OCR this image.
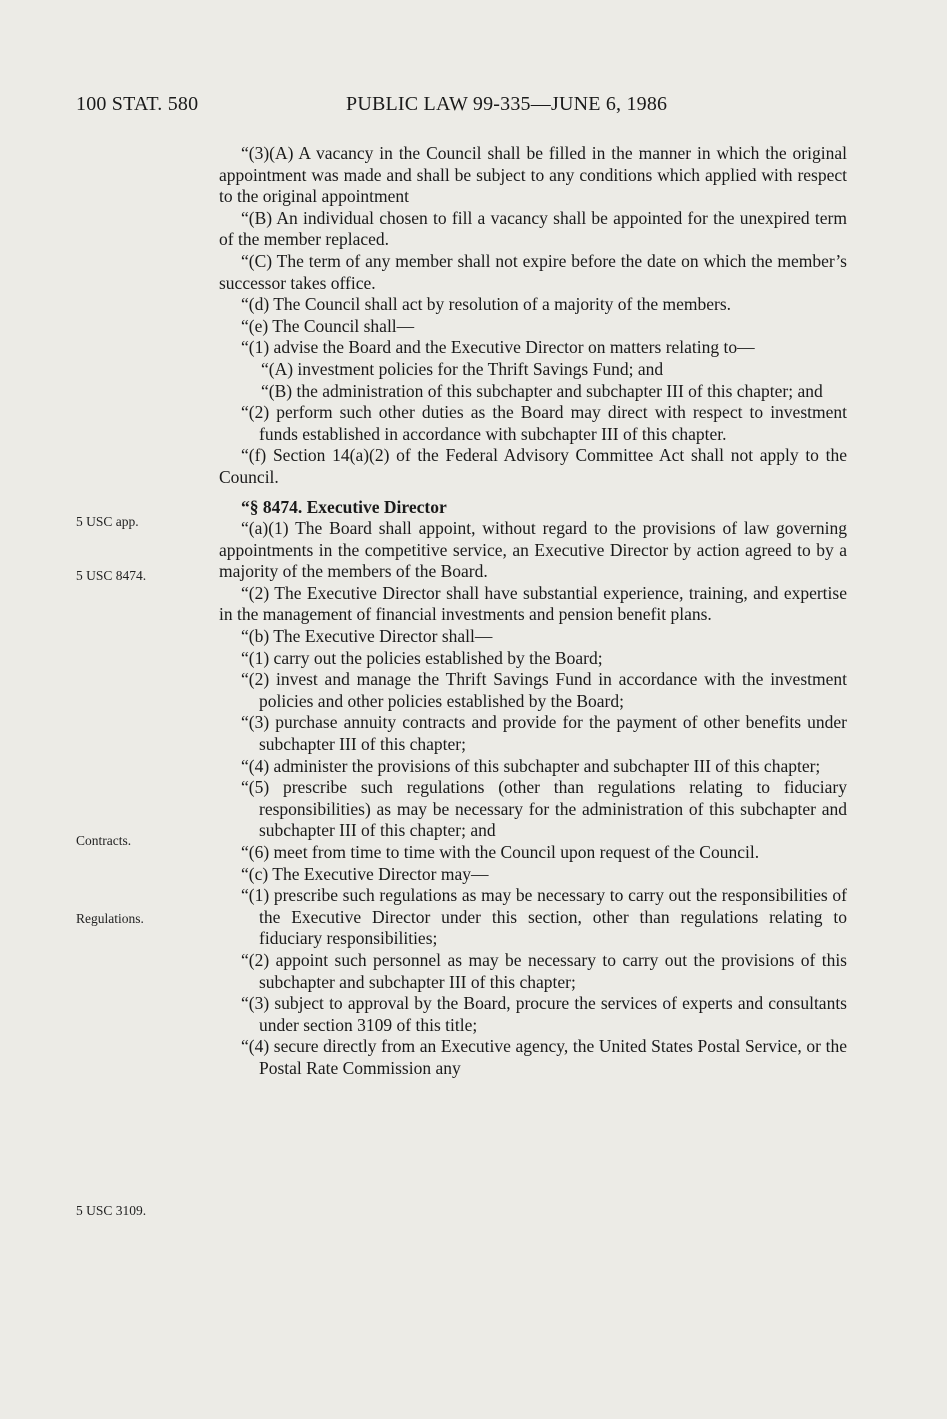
100 STAT. 580	PUBLIC LAW 99-335—JUNE 6, 1986
5 USC app.
5 USC 8474.
Contracts.
Regulations.
5 USC 3109.

“(3)(A) A vacancy in the Council shall be filled in the manner in which the original appointment was made and shall be subject to any conditions which applied with respect to the original appointment

“(B) An individual chosen to fill a vacancy shall be appointed for the unexpired term of the member replaced.

“(C) The term of any member shall not expire before the date on which the member’s successor takes office.

“(d) The Council shall act by resolution of a majority of the members.

“(e) The Council shall—

“(1) advise the Board and the Executive Director on matters relating to—

“(A) investment policies for the Thrift Savings Fund; and

“(B) the administration of this subchapter and subchapter III of this chapter; and

“(2) perform such other duties as the Board may direct with respect to investment funds established in accordance with subchapter III of this chapter.

“(f) Section 14(a)(2) of the Federal Advisory Committee Act shall not apply to the Council.

“§ 8474. Executive Director

“(a)(1) The Board shall appoint, without regard to the provisions of law governing appointments in the competitive service, an Executive Director by action agreed to by a majority of the members of the Board.

“(2) The Executive Director shall have substantial experience, training, and expertise in the management of financial investments and pension benefit plans.

“(b) The Executive Director shall—

“(1) carry out the policies established by the Board;

“(2) invest and manage the Thrift Savings Fund in accordance with the investment policies and other policies established by the Board;

“(3) purchase annuity contracts and provide for the payment of other benefits under subchapter III of this chapter;

“(4) administer the provisions of this subchapter and subchapter III of this chapter;

“(5) prescribe such regulations (other than regulations relating to fiduciary responsibilities) as may be necessary for the administration of this subchapter and subchapter III of this chapter; and

“(6) meet from time to time with the Council upon request of the Council.

“(c) The Executive Director may—

“(1) prescribe such regulations as may be necessary to carry out the responsibilities of the Executive Director under this section, other than regulations relating to fiduciary responsibilities;

“(2) appoint such personnel as may be necessary to carry out the provisions of this subchapter and subchapter III of this chapter;

“(3) subject to approval by the Board, procure the services of experts and consultants under section 3109 of this title;

“(4) secure directly from an Executive agency, the United States Postal Service, or the Postal Rate Commission any
